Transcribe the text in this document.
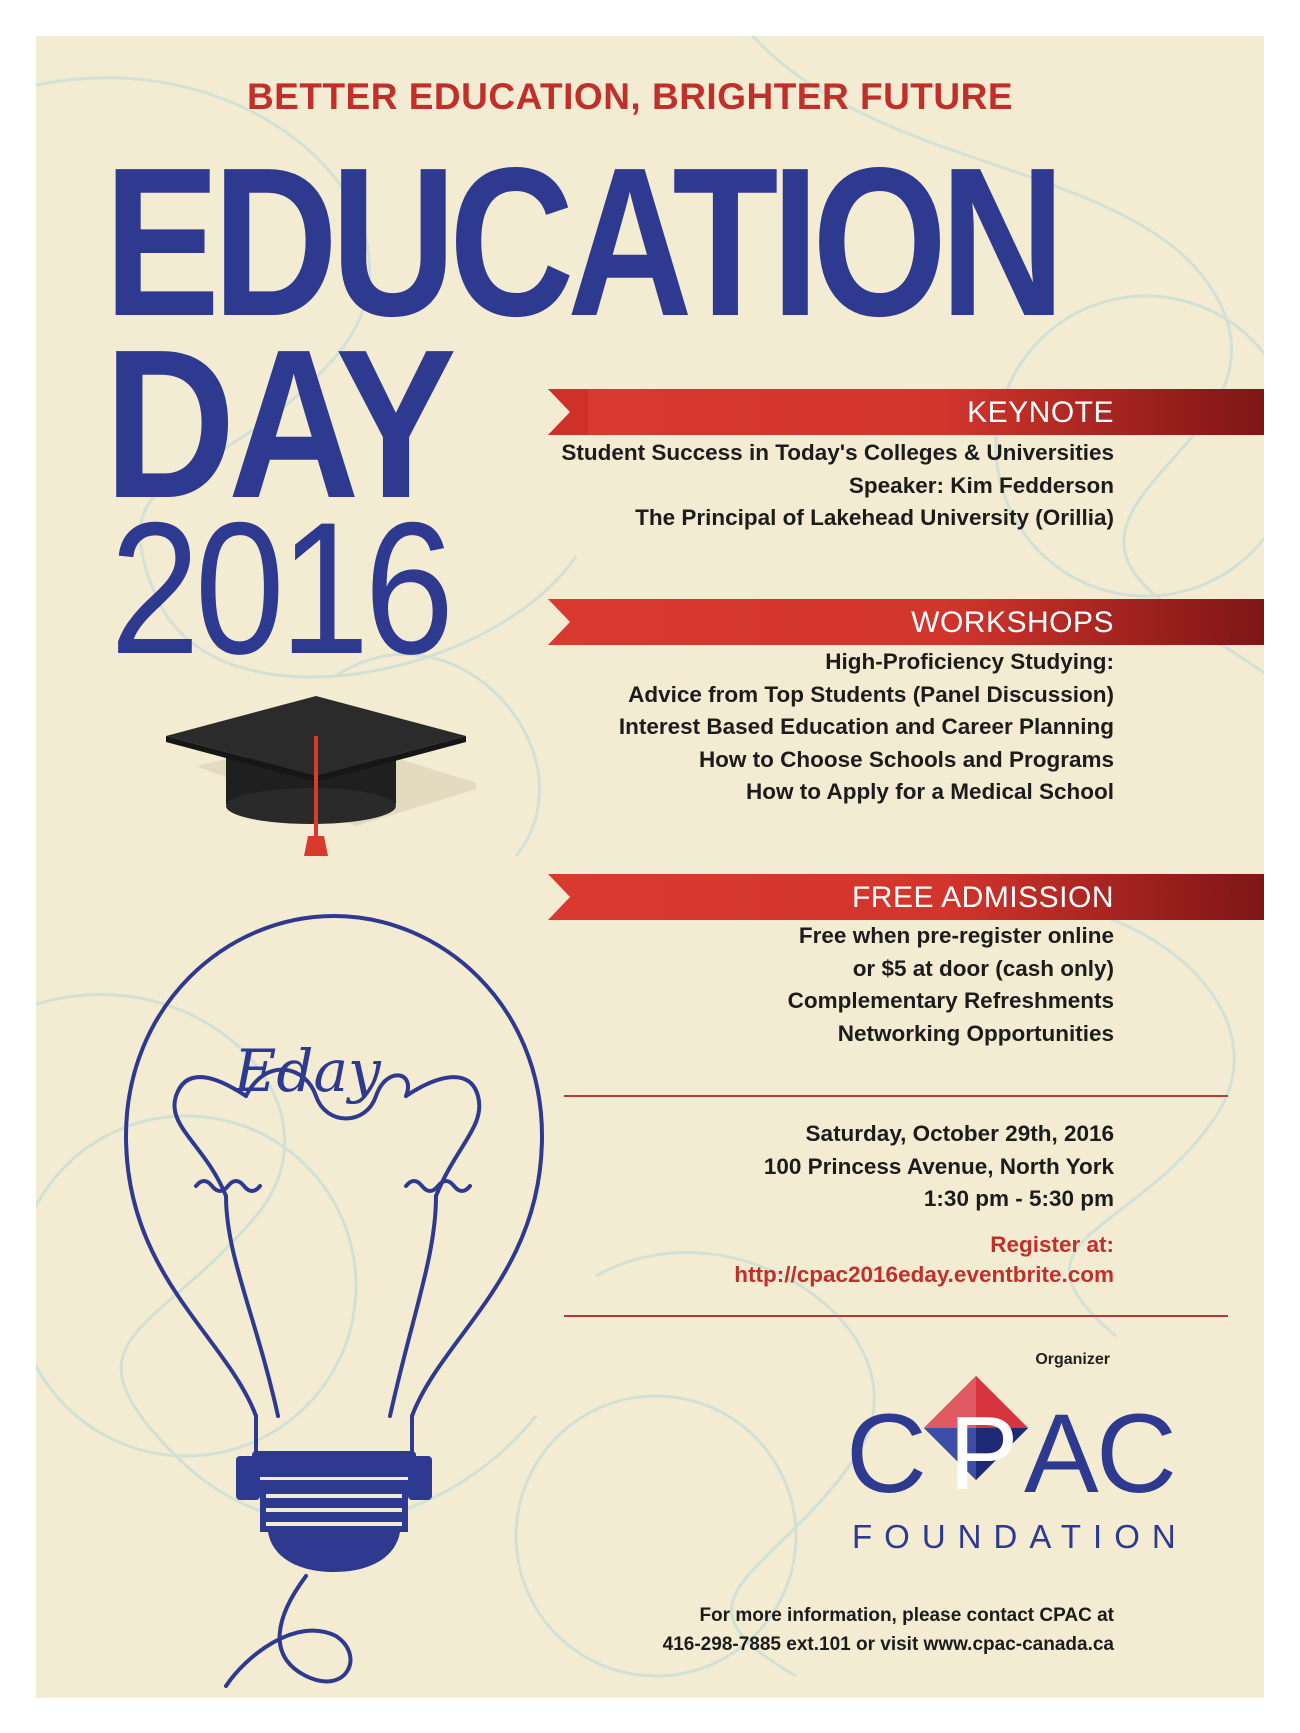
BETTER EDUCATION, BRIGHTER FUTURE
EDUCATION
DAY
2016
KEYNOTE
Student Success in Today's Colleges & Universities
Speaker: Kim Fedderson
The Principal of Lakehead University (Orillia)
WORKSHOPS
High-Proficiency Studying:
Advice from Top Students (Panel Discussion)
Interest Based Education and Career Planning
How to Choose Schools and Programs
How to Apply for a Medical School
FREE ADMISSION
Free when pre-register online
or $5 at door (cash only)
Complementary Refreshments
Networking Opportunities
Saturday, October 29th, 2016
100 Princess Avenue, North York
1:30 pm - 5:30 pm
Register at:
http://cpac2016eday.eventbrite.com
Organizer
C P A
C
FOUNDATION
For more information, please contact CPAC at
416-298-7885 ext.101 or visit www.cpac-canada.ca
Eday
